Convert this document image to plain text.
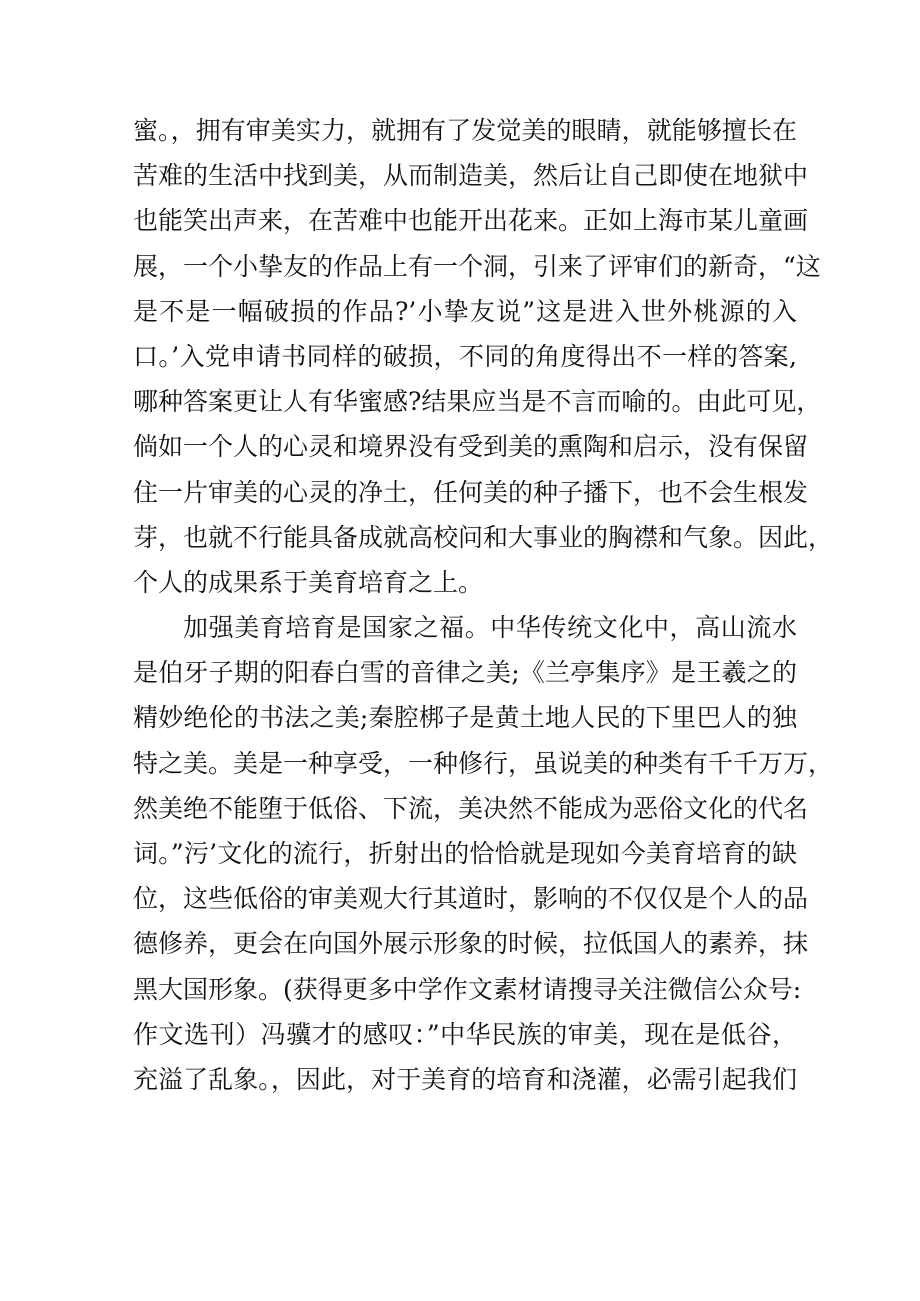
蜜。，拥有审美实力，就拥有了发觉美的眼睛，就能够擅长在
苦难的生活中找到美，从而制造美，然后让自己即使在地狱中
也能笑出声来，在苦难中也能开出花来。正如上海市某儿童画
展，一个小挚友的作品上有一个洞，引来了评审们的新奇，“这
是不是一幅破损的作品?’小挚友说”这是进入世外桃源的入
口。’入党申请书同样的破损，不同的角度得出不一样的答案,
哪种答案更让人有华蜜感?结果应当是不言而喻的。由此可见，
倘如一个人的心灵和境界没有受到美的熏陶和启示，没有保留
住一片审美的心灵的净土，任何美的种子播下，也不会生根发
芽，也就不行能具备成就高校问和大事业的胸襟和气象。因此，
个人的成果系于美育培育之上。
加强美育培育是国家之福。中华传统文化中，高山流水
是伯牙子期的阳春白雪的音律之美;《兰亭集序》是王羲之的
精妙绝伦的书法之美;秦腔梆子是黄土地人民的下里巴人的独
特之美。美是一种享受，一种修行，虽说美的种类有千千万万，
然美绝不能堕于低俗、下流，美决然不能成为恶俗文化的代名
词。”污’文化的流行，折射出的恰恰就是现如今美育培育的缺
位，这些低俗的审美观大行其道时，影响的不仅仅是个人的品
德修养，更会在向国外展示形象的时候，拉低国人的素养，抹
黑大国形象。(获得更多中学作文素材请搜寻关注微信公众号:
作文选刊）冯骥才的感叹：”中华民族的审美，现在是低谷，
充溢了乱象。，因此，对于美育的培育和浇灌，必需引起我们
